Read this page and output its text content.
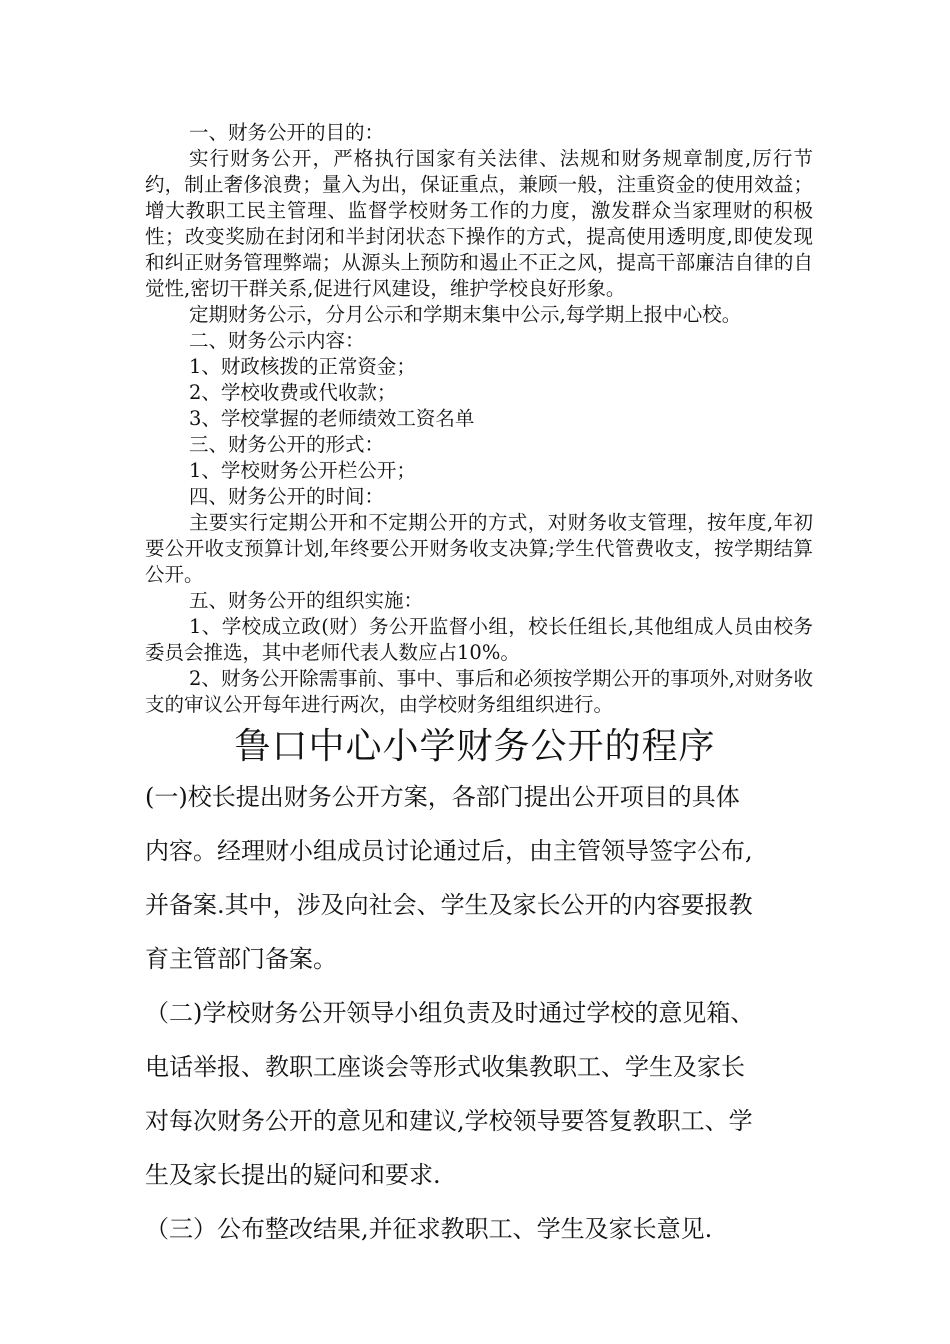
一、财务公开的目的：

实行财务公开，严格执行国家有关法律、法规和财务规章制度,厉行节约，制止奢侈浪费；量入为出，保证重点，兼顾一般，注重资金的使用效益；增大教职工民主管理、监督学校财务工作的力度，激发群众当家理财的积极性；改变奖励在封闭和半封闭状态下操作的方式，提高使用透明度,即使发现和纠正财务管理弊端；从源头上预防和遏止不正之风，提高干部廉洁自律的自觉性,密切干群关系,促进行风建设，维护学校良好形象。

定期财务公示，分月公示和学期末集中公示,每学期上报中心校。

二、财务公示内容：

1、财政核拨的正常资金；

2、学校收费或代收款；

3、学校掌握的老师绩效工资名单

三、财务公开的形式：

1、学校财务公开栏公开；

四、财务公开的时间：

主要实行定期公开和不定期公开的方式，对财务收支管理，按年度,年初要公开收支预算计划,年终要公开财务收支决算;学生代管费收支，按学期结算公开。

五、财务公开的组织实施：

1、学校成立政(财）务公开监督小组，校长任组长,其他组成人员由校务委员会推选，其中老师代表人数应占10%。

2、财务公开除需事前、事中、事后和必须按学期公开的事项外,对财务收支的审议公开每年进行两次，由学校财务组组织进行。

鲁口中心小学财务公开的程序
(一)校长提出财务公开方案，各部门提出公开项目的具体
内容。经理财小组成员讨论通过后，由主管领导签字公布,
并备案.其中，涉及向社会、学生及家长公开的内容要报教
育主管部门备案。
（二)学校财务公开领导小组负责及时通过学校的意见箱、
电话举报、教职工座谈会等形式收集教职工、学生及家长
对每次财务公开的意见和建议,学校领导要答复教职工、学
生及家长提出的疑问和要求.
（三）公布整改结果,并征求教职工、学生及家长意见.
